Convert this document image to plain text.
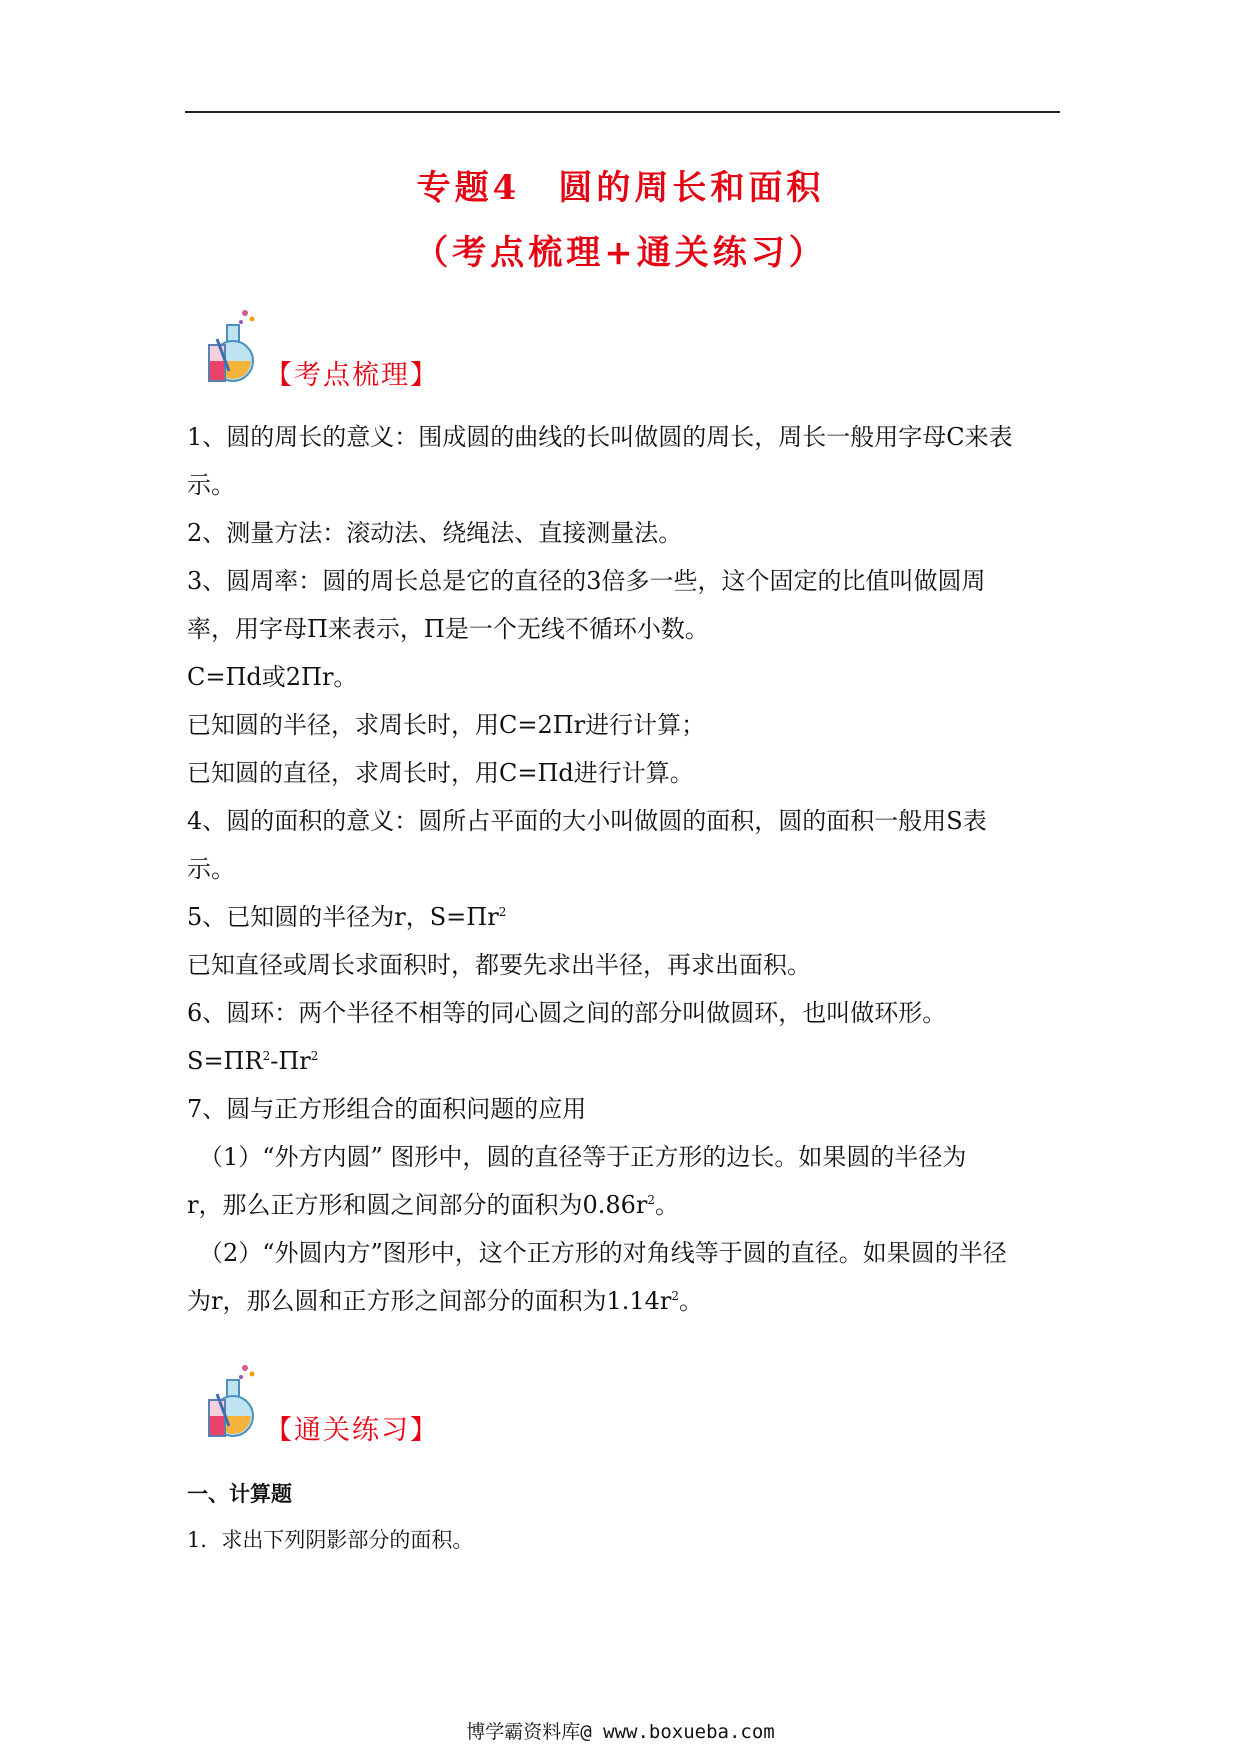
专题4　圆的周长和面积
（考点梳理+通关练习）
【考点梳理】

1、圆的周长的意义：围成圆的曲线的长叫做圆的周长，周长一般用字母C来表

示。

2、测量方法：滚动法、绕绳法、直接测量法。

3、圆周率：圆的周长总是它的直径的3倍多一些，这个固定的比值叫做圆周

率，用字母Π来表示，Π是一个无线不循环小数。

C=Πd或2Πr。

已知圆的半径，求周长时，用C=2Πr进行计算；

已知圆的直径，求周长时，用C=Πd进行计算。

4、圆的面积的意义：圆所占平面的大小叫做圆的面积，圆的面积一般用S表

示。

5、已知圆的半径为r，$S=\Pi r^2$

已知直径或周长求面积时，都要先求出半径，再求出面积。

6、圆环：两个半径不相等的同心圆之间的部分叫做圆环，也叫做环形。

$S=\Pi R^2-\Pi r^2$

7、圆与正方形组合的面积问题的应用

（1）“外方内圆” 图形中，圆的直径等于正方形的边长。如果圆的半径为

r，那么正方形和圆之间部分的面积为$0.86r^2$。

（2）“外圆内方”图形中，这个正方形的对角线等于圆的直径。如果圆的半径

为r，那么圆和正方形之间部分的面积为$1.14r^2$。

【通关练习】
一、计算题
1．求出下列阴影部分的面积。
博学霸资料库@ www.boxueba.com
